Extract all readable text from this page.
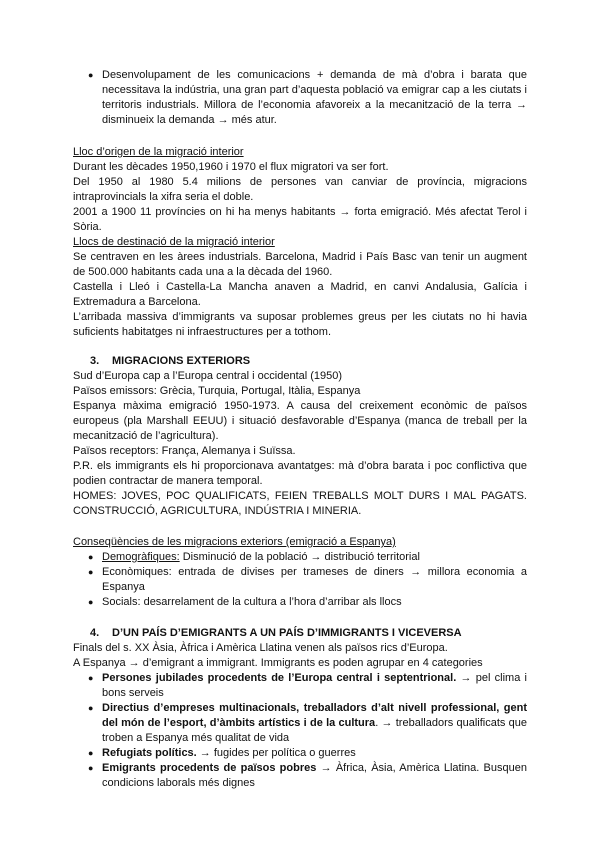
● Desenvolupament de les comunicacions + demanda de mà d’obra i barata que necessitava la indústria, una gran part d’aquesta població va emigrar cap a les ciutats i territoris industrials. Millora de l’economia afavoreix a la mecanització de la terra → disminueix la demanda → més atur.

Lloc d’origen de la migració interior

Durant les dècades 1950,1960 i 1970 el flux migratori va ser fort.

Del 1950 al 1980 5.4 milions de persones van canviar de província, migracions intraprovincials la xifra seria el doble.

2001 a 1900 11 províncies on hi ha menys habitants → forta emigració. Més afectat Terol i Sòria.

Llocs de destinació de la migració interior

Se centraven en les àrees industrials. Barcelona, Madrid i País Basc van tenir un augment de 500.000 habitants cada una a la dècada del 1960.

Castella i Lleó i Castella-La Mancha anaven a Madrid, en canvi Andalusia, Galícia i Extremadura a Barcelona.

L’arribada massiva d’immigrants va suposar problemes greus per les ciutats no hi havia suficients habitatges ni infraestructures per a tothom.

3. MIGRACIONS EXTERIORS

Sud d’Europa cap a l’Europa central i occidental (1950)

Països emissors: Grècia, Turquia, Portugal, Itàlia, Espanya

Espanya màxima emigració 1950-1973. A causa del creixement econòmic de països europeus (pla Marshall EEUU) i situació desfavorable d’Espanya (manca de treball per la mecanització de l’agricultura).

Països receptors: França, Alemanya i Suïssa.

P.R. els immigrants els hi proporcionava avantatges: mà d’obra barata i poc conflictiva que podien contractar de manera temporal.

HOMES: JOVES, POC QUALIFICATS, FEIEN TREBALLS MOLT DURS I MAL PAGATS. CONSTRUCCIÓ, AGRICULTURA, INDÚSTRIA I MINERIA.

Conseqüències de les migracions exteriors (emigració a Espanya)

● Demogràfiques: Disminució de la població → distribució territorial
● Econòmiques: entrada de divises per trameses de diners → millora economia a Espanya
● Socials: desarrelament de la cultura a l’hora d’arribar als llocs

4. D’UN PAÍS D’EMIGRANTS A UN PAÍS D’IMMIGRANTS I VICEVERSA

Finals del s. XX Àsia, Àfrica i Amèrica Llatina venen als països rics d’Europa.

A Espanya → d’emigrant a immigrant. Immigrants es poden agrupar en 4 categories

● Persones jubilades procedents de l’Europa central i septentrional. → pel clima i bons serveis
● Directius d’empreses multinacionals, treballadors d’alt nivell professional, gent del món de l’esport, d’àmbits artístics i de la cultura. → treballadors qualificats que troben a Espanya més qualitat de vida
● Refugiats polítics. → fugides per política o guerres
● Emigrants procedents de països pobres → Àfrica, Àsia, Amèrica Llatina. Busquen condicions laborals més dignes
